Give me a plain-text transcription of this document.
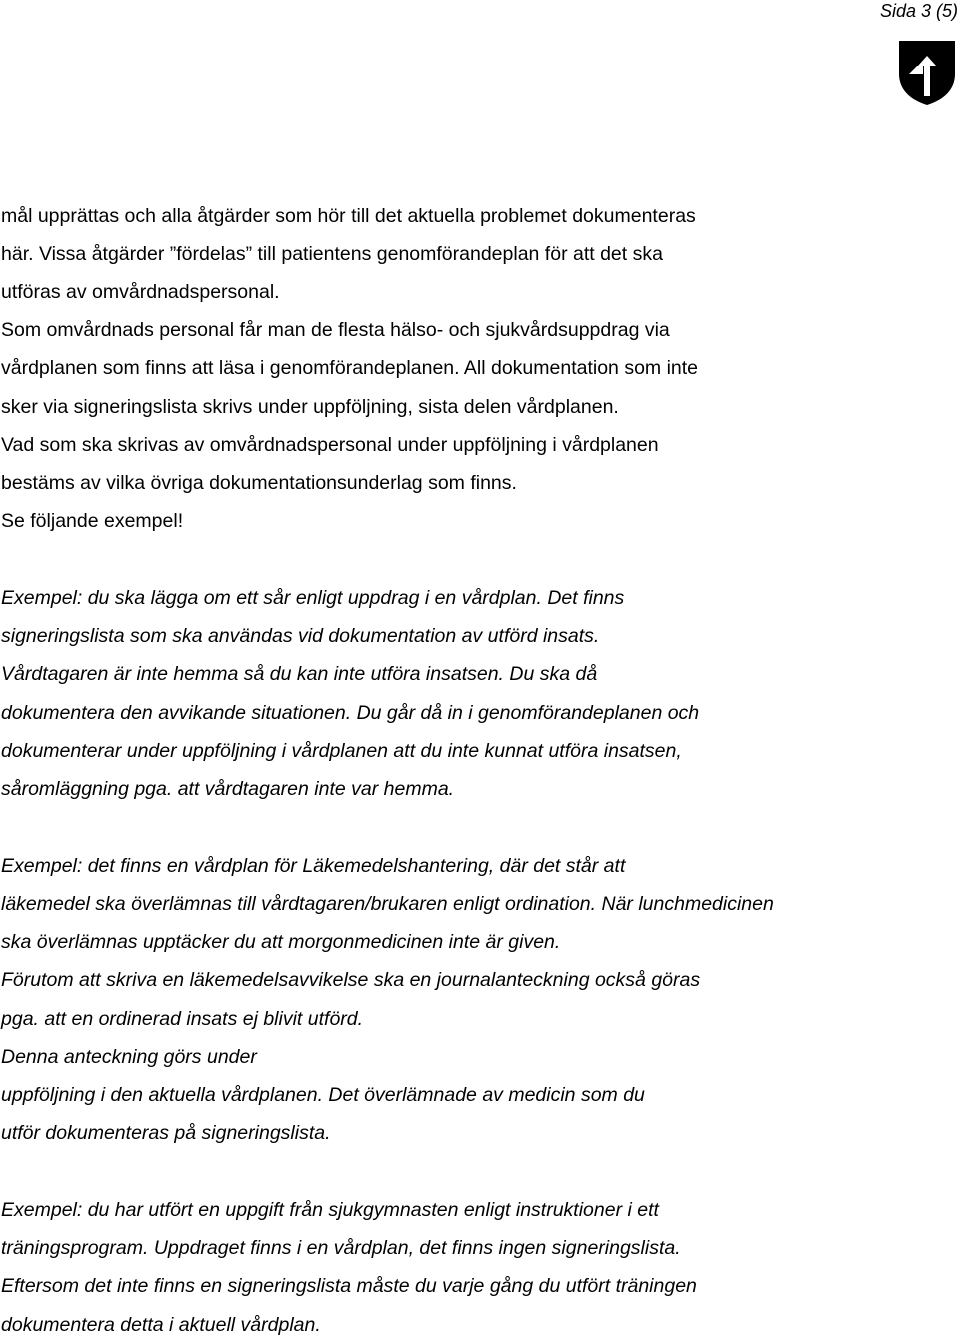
Sida 3 (5)
mål upprättas och alla åtgärder som hör till det aktuella problemet dokumenteras
här. Vissa åtgärder ”fördelas” till patientens genomförandeplan för att det ska
utföras av omvårdnadspersonal.
Som omvårdnads personal får man de flesta hälso- och sjukvårdsuppdrag via
vårdplanen som finns att läsa i genomförandeplanen. All dokumentation som inte
sker via signeringslista skrivs under uppföljning, sista delen vårdplanen.
Vad som ska skrivas av omvårdnadspersonal under uppföljning i vårdplanen
bestäms av vilka övriga dokumentationsunderlag som finns.
Se följande exempel!
Exempel: du ska lägga om ett sår enligt uppdrag i en vårdplan. Det finns
signeringslista som ska användas vid dokumentation av utförd insats.
Vårdtagaren är inte hemma så du kan inte utföra insatsen. Du ska då
dokumentera den avvikande situationen. Du går då in i genomförandeplanen och
dokumenterar under uppföljning i vårdplanen att du inte kunnat utföra insatsen,
såromläggning pga. att vårdtagaren inte var hemma.
Exempel: det finns en vårdplan för Läkemedelshantering, där det står att
läkemedel ska överlämnas till vårdtagaren/brukaren enligt ordination. När lunchmedicinen
ska överlämnas upptäcker du att morgonmedicinen inte är given.
Förutom att skriva en läkemedelsavvikelse ska en journalanteckning också göras
pga. att en ordinerad insats ej blivit utförd.
Denna anteckning görs under
uppföljning i den aktuella vårdplanen. Det överlämnade av medicin som du
utför dokumenteras på signeringslista.
Exempel: du har utfört en uppgift från sjukgymnasten enligt instruktioner i ett
träningsprogram. Uppdraget finns i en vårdplan, det finns ingen signeringslista.
Eftersom det inte finns en signeringslista måste du varje gång du utfört träningen
dokumentera detta i aktuell vårdplan.
